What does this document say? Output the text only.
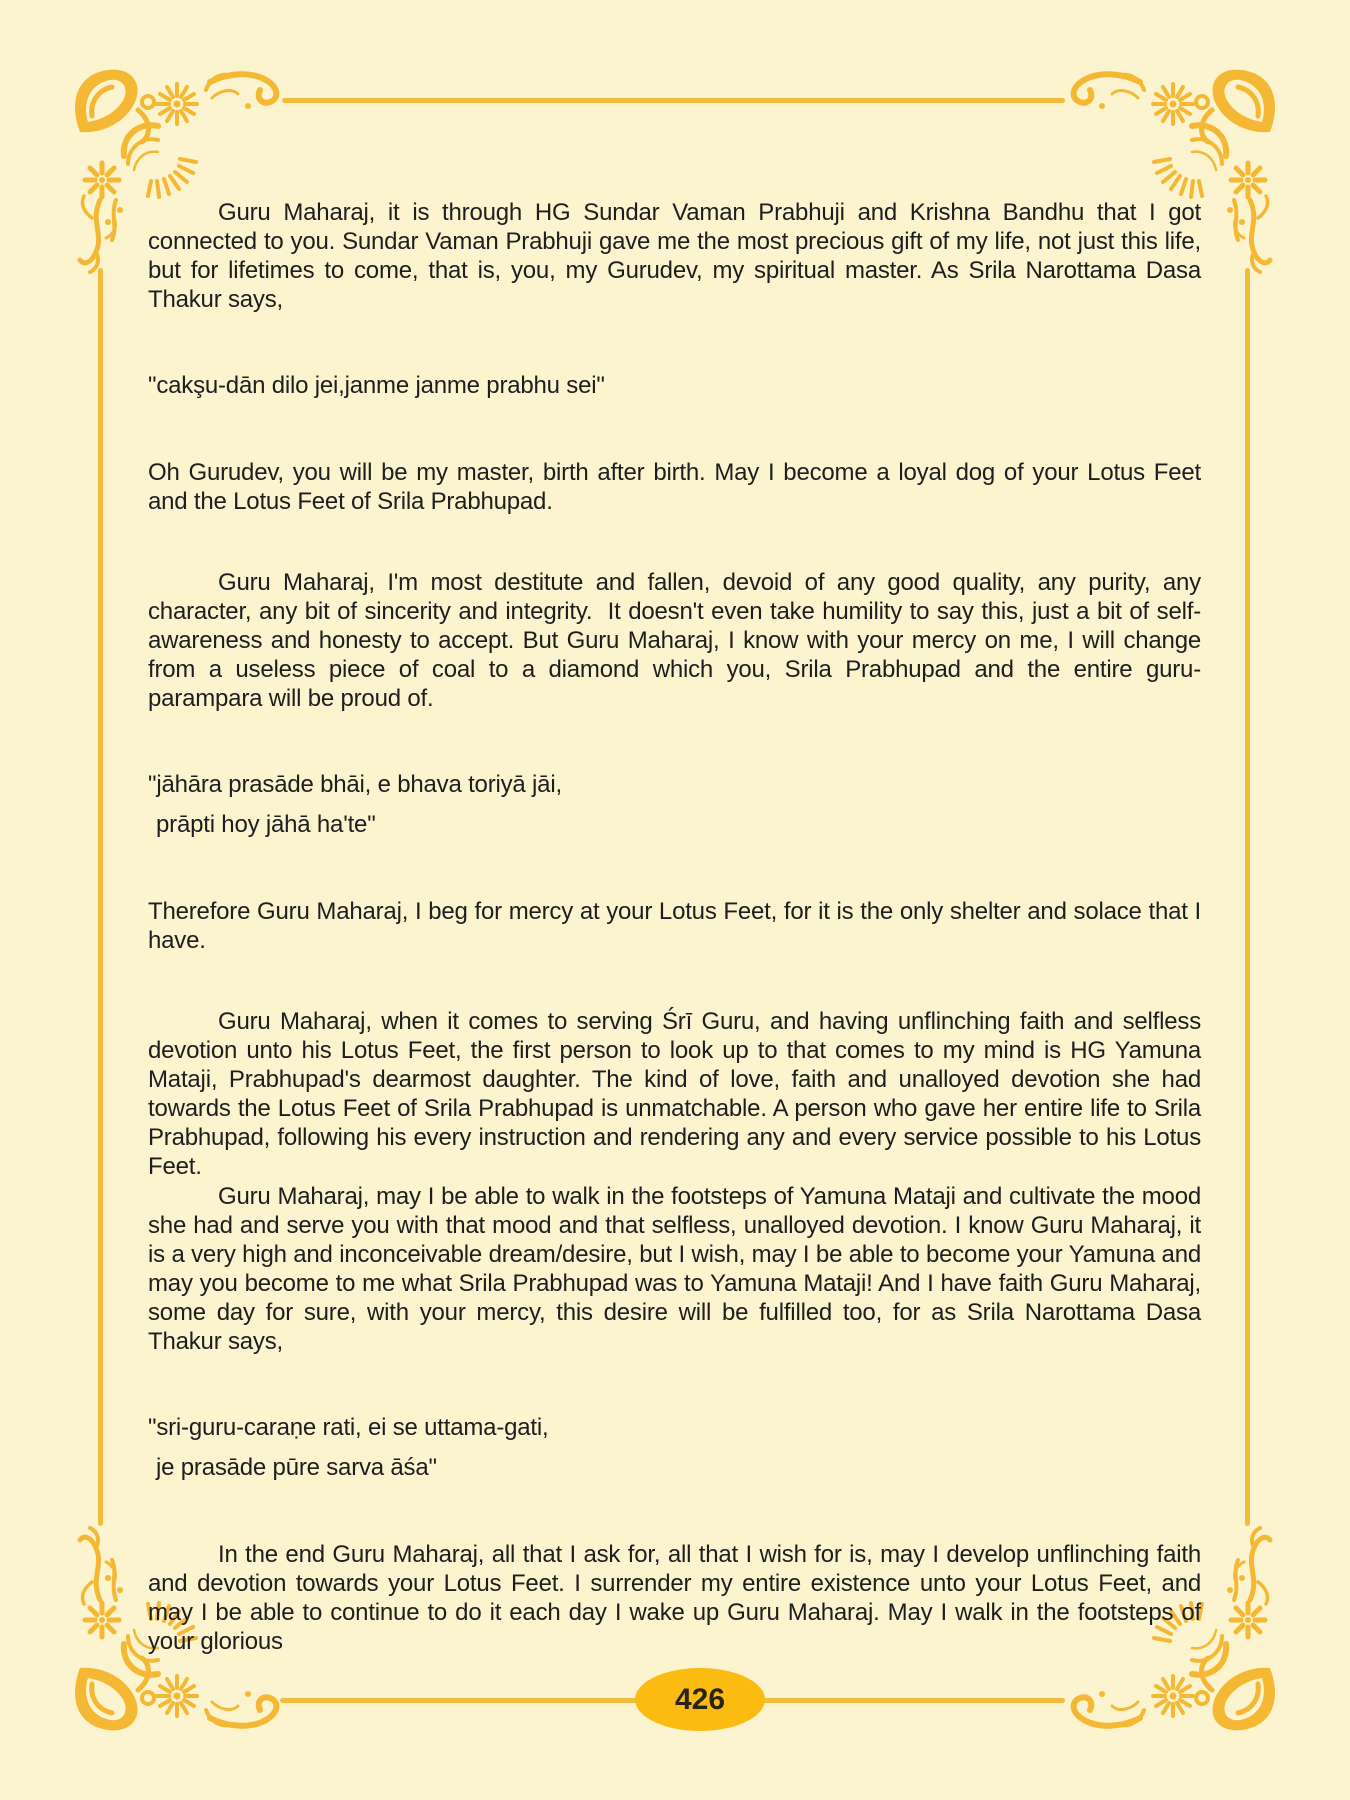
Guru Maharaj, it is through HG Sundar Vaman Prabhuji and Krishna Bandhu that I got connected to you. Sundar Vaman Prabhuji gave me the most precious gift of my life, not just this life, but for lifetimes to come, that is, you, my Gurudev, my spiritual master. As Srila Narottama Dasa Thakur says,

"cakşu-dān dilo jei,janme janme prabhu sei"

Oh Gurudev, you will be my master, birth after birth. May I become a loyal dog of your Lotus Feet and the Lotus Feet of Srila Prabhupad.

Guru Maharaj, I'm most destitute and fallen, devoid of any good quality, any purity, any character, any bit of sincerity and integrity.  It doesn't even take humility to say this, just a bit of self-awareness and honesty to accept. But Guru Maharaj, I know with your mercy on me, I will change from a useless piece of coal to a diamond which you, Srila Prabhupad and the entire guru-parampara will be proud of.

"jāhāra prasāde bhāi, e bhava toriyā jāi,
prāpti hoy jāhā ha'te"

Therefore Guru Maharaj, I beg for mercy at your Lotus Feet, for it is the only shelter and solace that I have.

Guru Maharaj, when it comes to serving Śrī Guru, and having unflinching faith and selfless devotion unto his Lotus Feet, the first person to look up to that comes to my mind is HG Yamuna Mataji, Prabhupad's dearmost daughter. The kind of love, faith and unalloyed devotion she had towards the Lotus Feet of Srila Prabhupad is unmatchable. A person who gave her entire life to Srila Prabhupad, following his every instruction and rendering any and every service possible to his Lotus Feet.

Guru Maharaj, may I be able to walk in the footsteps of Yamuna Mataji and cultivate the mood she had and serve you with that mood and that selfless, unalloyed devotion. I know Guru Maharaj, it is a very high and inconceivable dream/desire, but I wish, may I be able to become your Yamuna and may you become to me what Srila Prabhupad was to Yamuna Mataji! And I have faith Guru Maharaj, some day for sure, with your mercy, this desire will be fulfilled too, for as Srila Narottama Dasa Thakur says,

"sri-guru-caraṇe rati, ei se uttama-gati,
je prasāde pūre sarva āśa"

In the end Guru Maharaj, all that I ask for, all that I wish for is, may I develop unflinching faith and devotion towards your Lotus Feet. I surrender my entire existence unto your Lotus Feet, and may I be able to continue to do it each day I wake up Guru Maharaj. May I walk in the footsteps of your glorious

426
